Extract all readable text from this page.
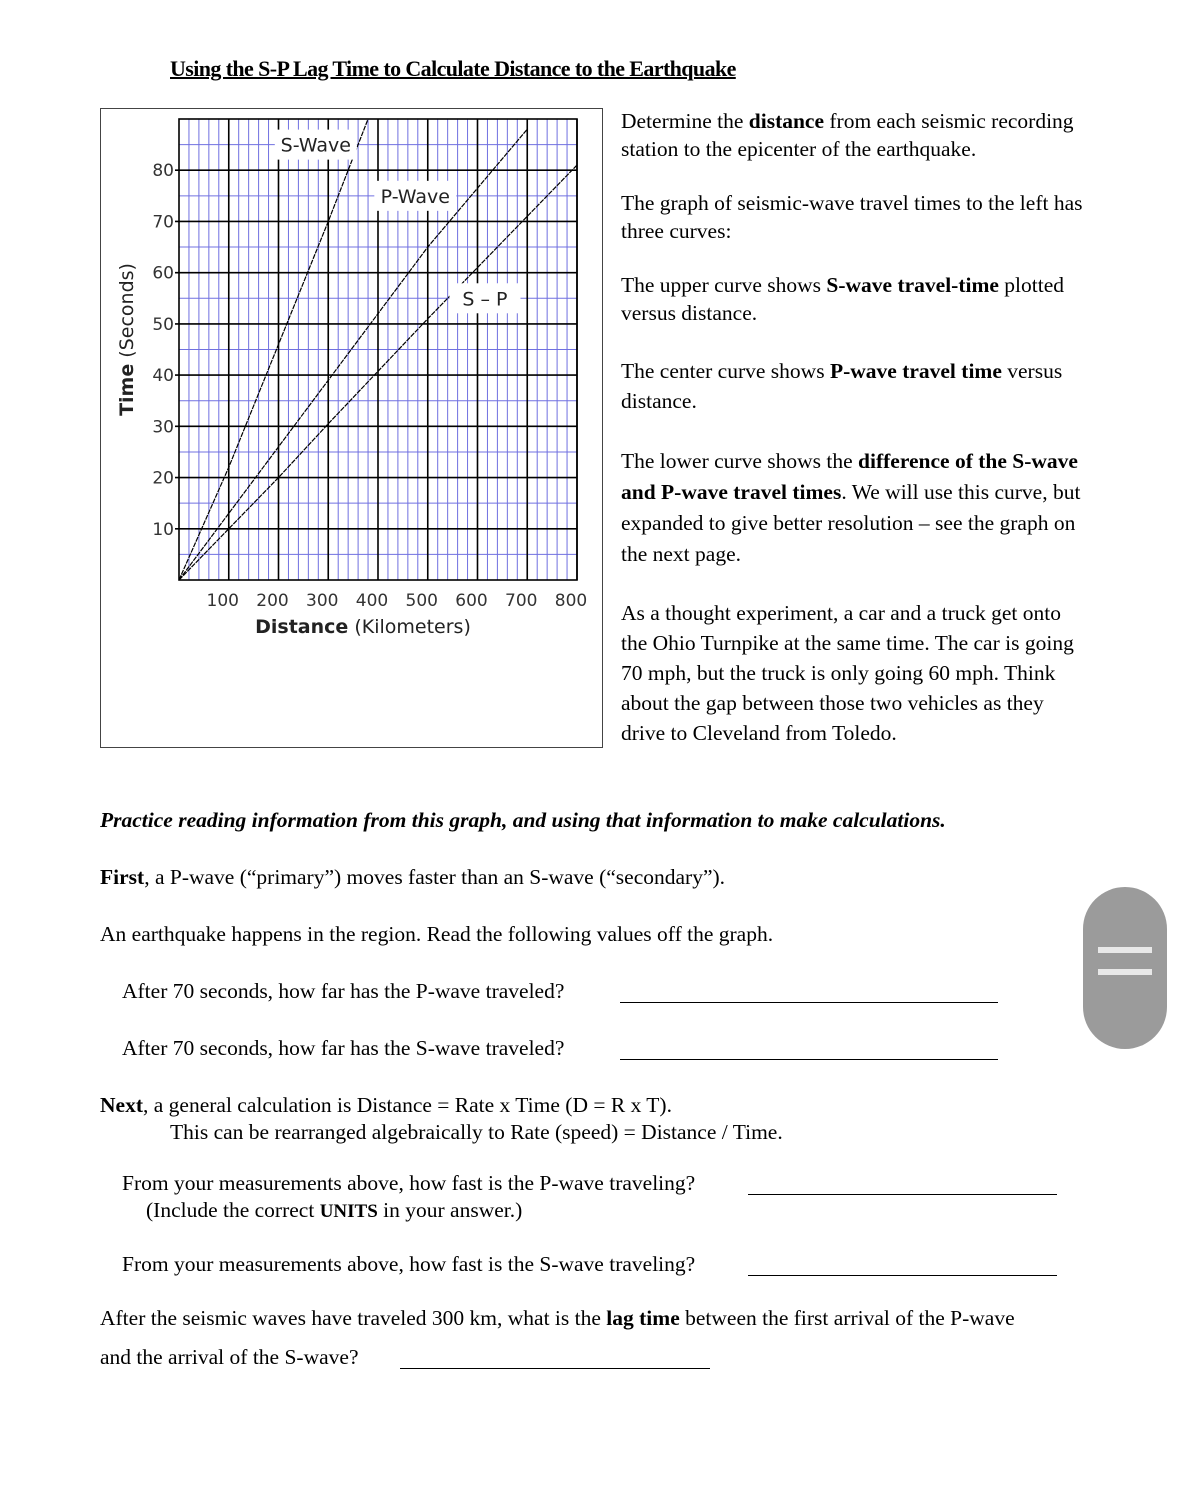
Using the S-P Lag Time to Calculate Distance to the Earthquake
S-Wave
P-Wave
S – P
100 200 300 400 500 600 700 800
10
20
30
40
50
60
70
80
Distance (Kilometers)
Time (Seconds)

Determine the distance from each seismic recording station to the epicenter of the earthquake.

The graph of seismic-wave travel times to the left has three curves:

The upper curve shows S-wave travel-time plotted versus distance.

The center curve shows P-wave travel time versus distance.

The lower curve shows the difference of the S-wave and P-wave travel times. We will use this curve, but expanded to give better resolution – see the graph on the next page.

As a thought experiment, a car and a truck get onto the Ohio Turnpike at the same time. The car is going 70 mph, but the truck is only going 60 mph. Think about the gap between those two vehicles as they drive to Cleveland from Toledo.

Practice reading information from this graph, and using that information to make calculations.
First, a P-wave (“primary”) moves faster than an S-wave (“secondary”).
An earthquake happens in the region. Read the following values off the graph.
After 70 seconds, how far has the P-wave traveled?
After 70 seconds, how far has the S-wave traveled?
Next, a general calculation is Distance = Rate x Time (D = R x T).
This can be rearranged algebraically to Rate (speed) = Distance / Time.
From your measurements above, how fast is the P-wave traveling?
(Include the correct UNITS in your answer.)
From your measurements above, how fast is the S-wave traveling?
After the seismic waves have traveled 300 km, what is the lag time between the first arrival of the P-wave
and the arrival of the S-wave?
